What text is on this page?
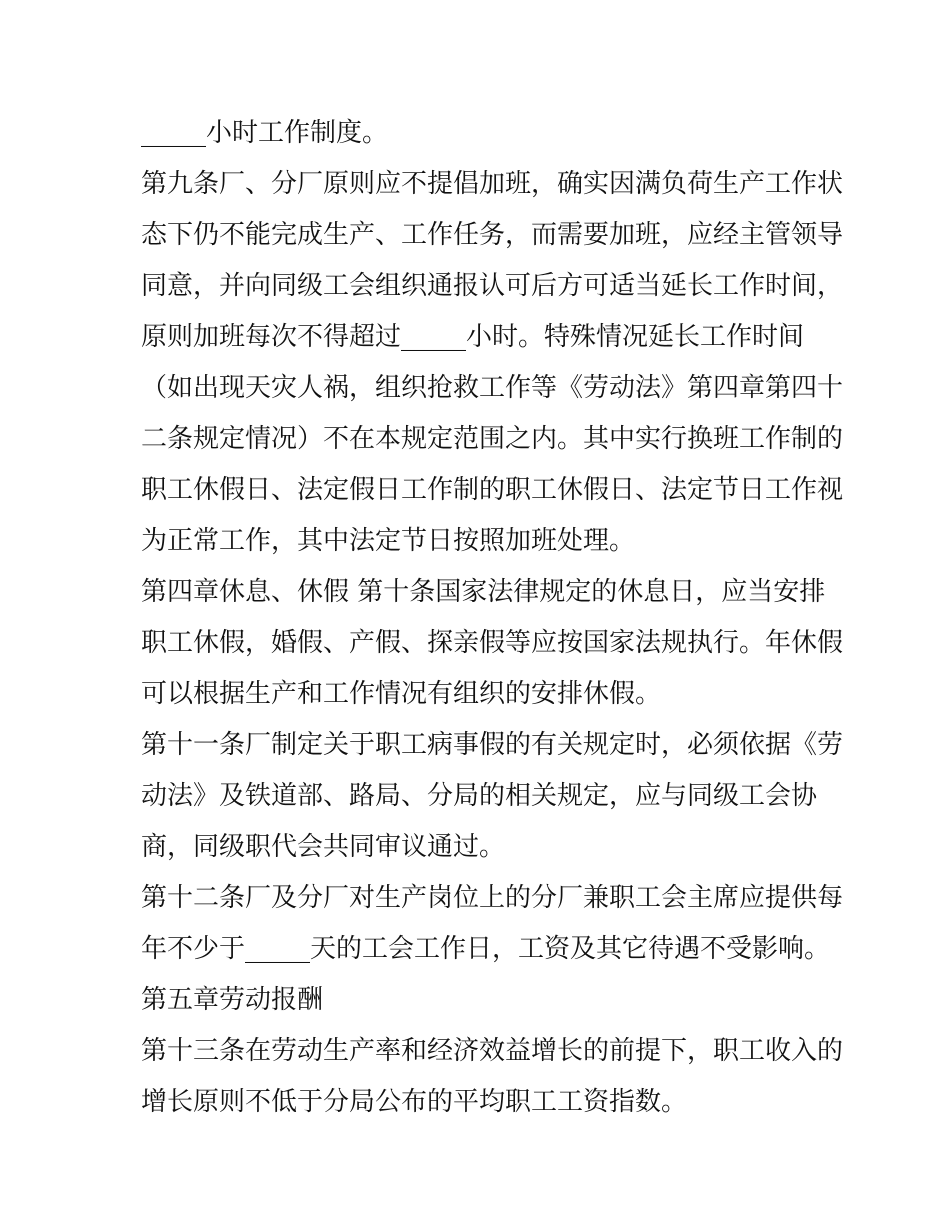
_____小时工作制度。
第九条厂、分厂原则应不提倡加班，确实因满负荷生产工作状
态下仍不能完成生产、工作任务，而需要加班，应经主管领导
同意，并向同级工会组织通报认可后方可适当延长工作时间，
原则加班每次不得超过_____小时。特殊情况延长工作时间
（如出现天灾人祸，组织抢救工作等《劳动法》第四章第四十
二条规定情况）不在本规定范围之内。其中实行换班工作制的
职工休假日、法定假日工作制的职工休假日、法定节日工作视
为正常工作，其中法定节日按照加班处理。
第四章休息、休假 第十条国家法律规定的休息日，应当安排
职工休假，婚假、产假、探亲假等应按国家法规执行。年休假
可以根据生产和工作情况有组织的安排休假。
第十一条厂制定关于职工病事假的有关规定时，必须依据《劳
动法》及铁道部、路局、分局的相关规定，应与同级工会协
商，同级职代会共同审议通过。
第十二条厂及分厂对生产岗位上的分厂兼职工会主席应提供每
年不少于_____天的工会工作日，工资及其它待遇不受影响。
第五章劳动报酬
第十三条在劳动生产率和经济效益增长的前提下，职工收入的
增长原则不低于分局公布的平均职工工资指数。
